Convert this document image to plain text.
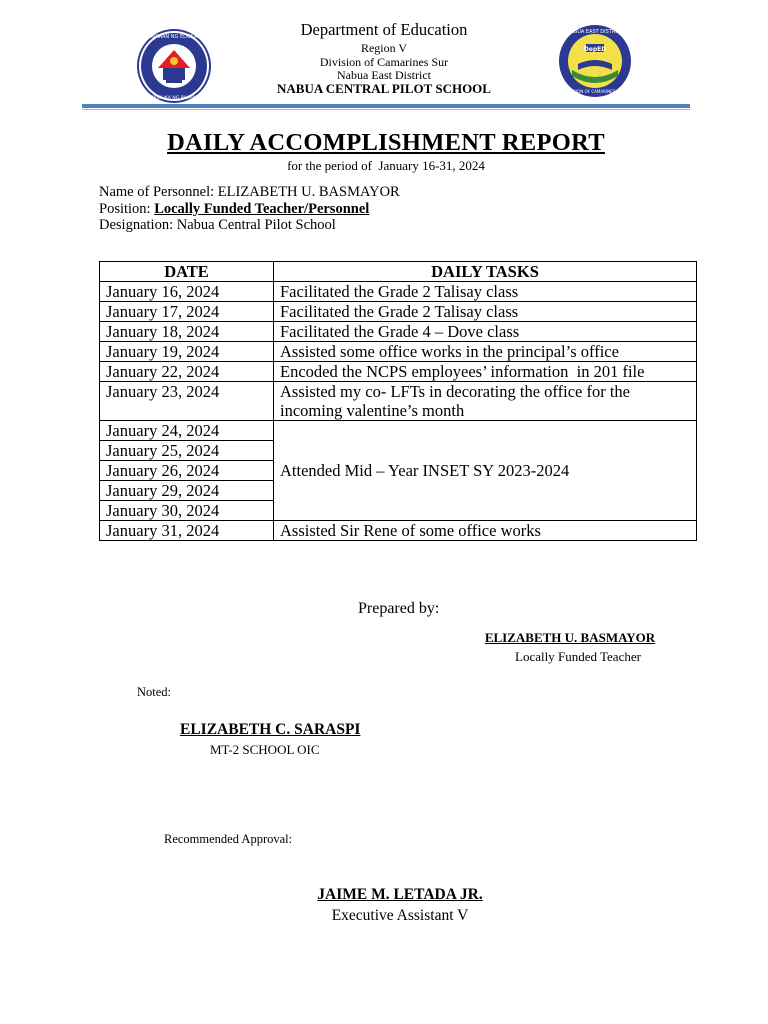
KAGAWARAN NG EDUKASYON
REPUBLIKA NG PILIPINAS
DepED
NABUA EAST DISTRICT
DIVISION OF CAMARINES SUR
Department of Education
Region V
Division of Camarines Sur
Nabua East District
NABUA CENTRAL PILOT SCHOOL
DAILY ACCOMPLISHMENT REPORT
for the period of  January 16-31, 2024
Name of Personnel: ELIZABETH U. BASMAYOR
Position: Locally Funded Teacher/Personnel
Designation: Nabua Central Pilot School
DATE	DAILY TASKS
January 16, 2024	Facilitated the Grade 2 Talisay class
January 17, 2024	Facilitated the Grade 2 Talisay class
January 18, 2024	Facilitated the Grade 4 – Dove class
January 19, 2024	Assisted some office works in the principal’s office
January 22, 2024	Encoded the NCPS employees’ information  in 201 file
January 23, 2024	Assisted my co- LFTs in decorating the office for the incoming valentine’s month
January 24, 2024	Attended Mid – Year INSET SY 2023-2024
January 25, 2024	
January 26, 2024	
January 29, 2024	
January 30, 2024	
January 31, 2024	Assisted Sir Rene of some office works
Prepared by:
ELIZABETH U. BASMAYOR
Locally Funded Teacher
Noted:
ELIZABETH C. SARASPI
MT-2 SCHOOL OIC
Recommended Approval:
JAIME M. LETADA JR.
Executive Assistant V
